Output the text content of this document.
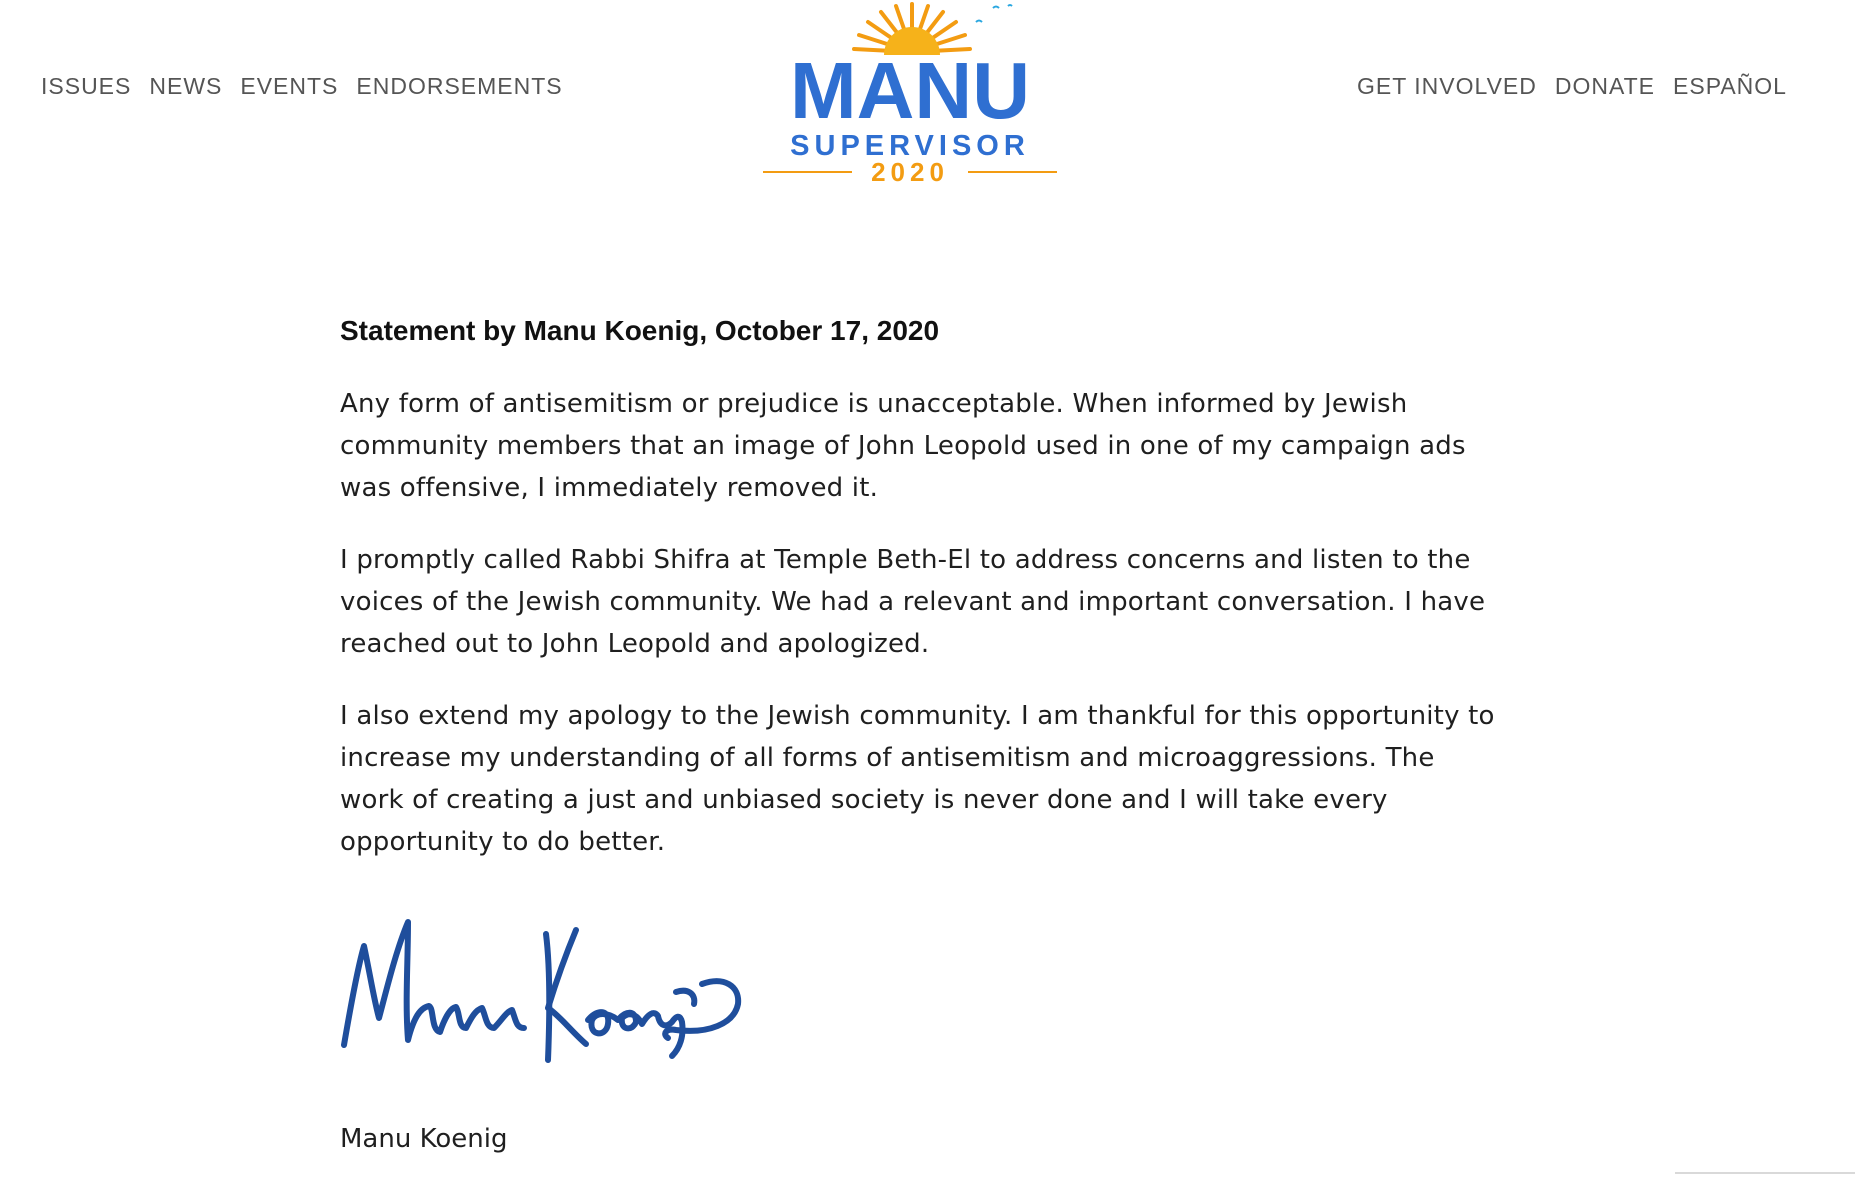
ISSUES NEWS EVENTS ENDORSEMENTS	MANU
SUPERVISOR
2020
GET INVOLVED DONATE ESPAÑOL
Statement by Manu Koenig, October 17, 2020

Any form of antisemitism or prejudice is unacceptable. When informed by Jewish community members that an image of John Leopold used in one of my campaign ads was offensive, I immediately removed it.

I promptly called Rabbi Shifra at Temple Beth-El to address concerns and listen to the voices of the Jewish community. We had a relevant and important conversation. I have reached out to John Leopold and apologized.

I also extend my apology to the Jewish community. I am thankful for this opportunity to increase my understanding of all forms of antisemitism and microaggressions. The work of creating a just and unbiased society is never done and I will take every opportunity to do better.

Manu Koenig
